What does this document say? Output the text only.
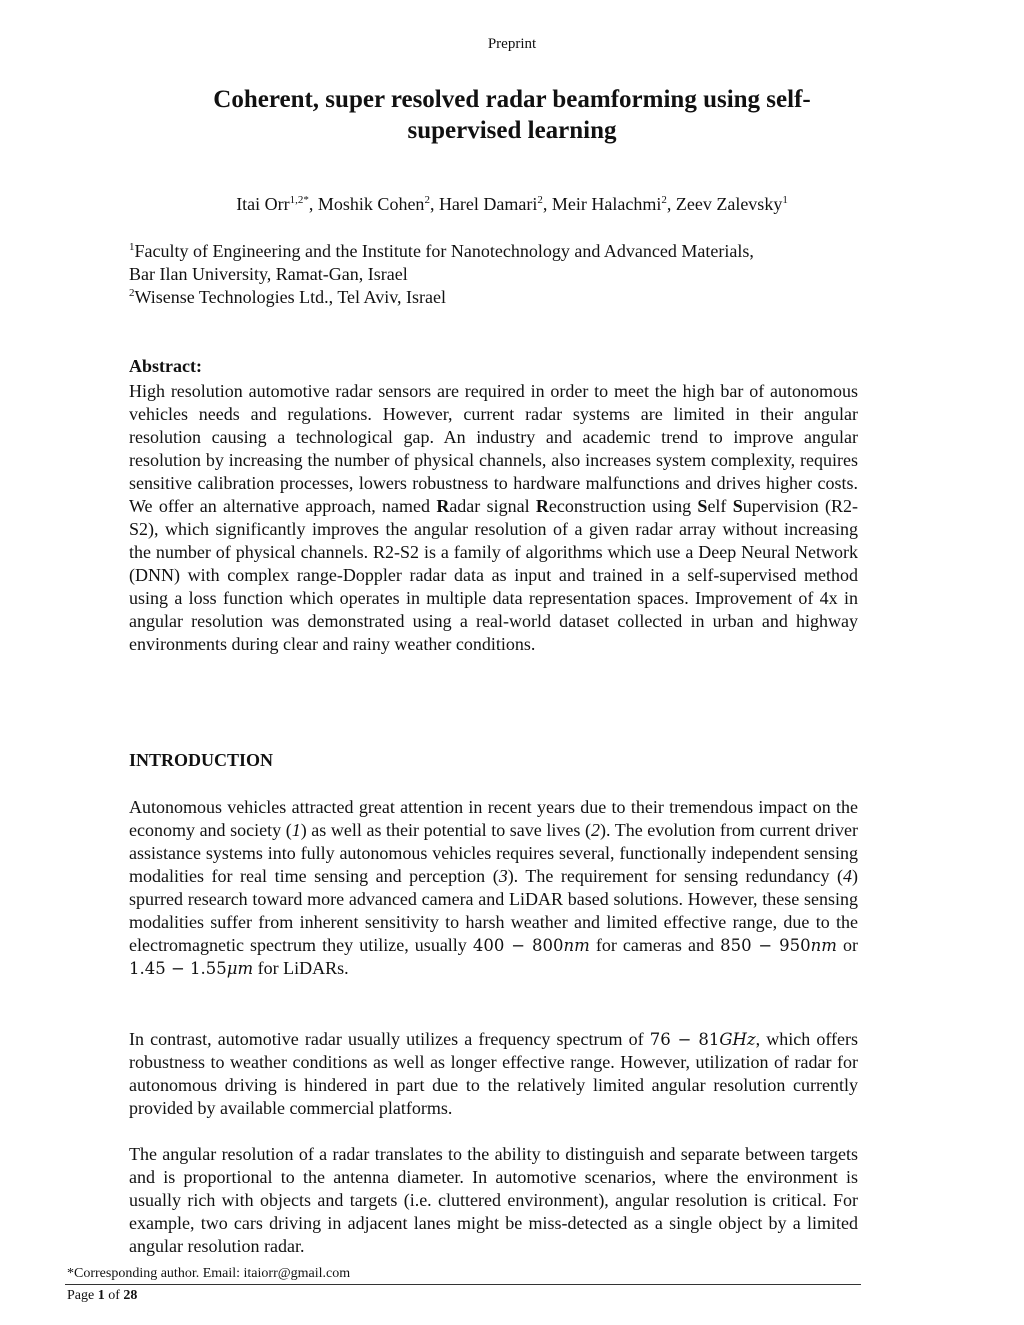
Preprint
Coherent, super resolved radar beamforming using self-
supervised learning
Itai Orr$^{1,2*}$, Moshik Cohen$^2$, Harel Damari$^2$, Meir Halachmi$^2$, Zeev Zalevsky$^1$
$^1$Faculty of Engineering and the Institute for Nanotechnology and Advanced Materials,
Bar Ilan University, Ramat-Gan, Israel
$^2$Wisense Technologies Ltd., Tel Aviv, Israel
Abstract:

High resolution automotive radar sensors are required in order to meet the high bar of autonomous vehicles needs and regulations. However, current radar systems are limited in their angular resolution causing a technological gap. An industry and academic trend to improve angular resolution by increasing the number of physical channels, also increases system complexity, requires sensitive calibration processes, lowers robustness to hardware malfunctions and drives higher costs. We offer an alternative approach, named Radar signal Reconstruction using Self Supervision (R2-S2), which significantly improves the angular resolution of a given radar array without increasing the number of physical channels. R2-S2 is a family of algorithms which use a Deep Neural Network (DNN) with complex range-Doppler radar data as input and trained in a self-supervised method using a loss function which operates in multiple data representation spaces. Improvement of 4x in angular resolution was demonstrated using a real-world dataset collected in urban and highway environments during clear and rainy weather conditions.

INTRODUCTION

Autonomous vehicles attracted great attention in recent years due to their tremendous impact on the economy and society (1) as well as their potential to save lives (2). The evolution from current driver assistance systems into fully autonomous vehicles requires several, functionally independent sensing modalities for real time sensing and perception (3). The requirement for sensing redundancy (4) spurred research toward more advanced camera and LiDAR based solutions. However, these sensing modalities suffer from inherent sensitivity to harsh weather and limited effective range, due to the electromagnetic spectrum they utilize, usually 400 − 800nm for cameras and 850 − 950nm or 1.45 − 1.55μm for LiDARs.

In contrast, automotive radar usually utilizes a frequency spectrum of 76 − 81GHz, which offers robustness to weather conditions as well as longer effective range. However, utilization of radar for autonomous driving is hindered in part due to the relatively limited angular resolution currently provided by available commercial platforms.

The angular resolution of a radar translates to the ability to distinguish and separate between targets and is proportional to the antenna diameter. In automotive scenarios, where the environment is usually rich with objects and targets (i.e. cluttered environment), angular resolution is critical. For example, two cars driving in adjacent lanes might be miss-detected as a single object by a limited angular resolution radar.

*Corresponding author. Email: itaiorr@gmail.com
Page 1 of 28
